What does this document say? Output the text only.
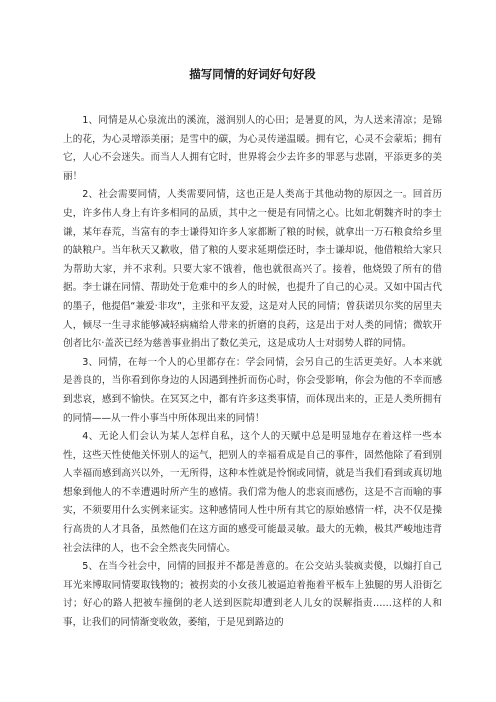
描写同情的好词好句好段

1、同情是从心泉流出的溪流，滋润别人的心田；是暑夏的风，为人送来清凉；是锦上的花，为心灵增添美丽；是雪中的碳，为心灵传递温暖。拥有它，心灵不会蒙垢；拥有它，人心不会迷失。而当人人拥有它时，世界将会少去许多的罪恶与悲剧，平添更多的美丽！

2、社会需要同情，人类需要同情，这也正是人类高于其他动物的原因之一。回首历史，许多伟人身上有许多相同的品质，其中之一便是有同情之心。比如北朝魏齐时的李士谦，某年春荒，当富有的李士谦得知许多人家都断了粮的时候，就拿出一万石粮食给乡里的缺粮户。当年秋天又歉收，借了粮的人要求延期偿还时，李士谦却说，他借粮给大家只为帮助大家，并不求利。只要大家不饿着，他也就很高兴了。接着，他烧毁了所有的借据。李士谦在同情、帮助处于危难中的乡人的时候，也提升了自己的心灵。又如中国古代的墨子，他提倡“兼爱·非攻”，主张和平友爱，这是对人民的同情；曾获诺贝尔奖的居里夫人，倾尽一生寻求能够减轻病痛给人带来的折磨的良药，这是出于对人类的同情；微软开创者比尔·盖茨已经为慈善事业捐出了数亿美元，这是成功人士对弱势人群的同情。

3、同情，在每一个人的心里都存在：学会同情，会另自己的生活更美好。人本来就是善良的，当你看到你身边的人因遇到挫折而伤心时，你会受影响，你会为他的不幸而感到悲哀，感到不愉快。在冥冥之中，都有许多这类事情，而体现出来的，正是人类所拥有的同情——从一件小事当中所体现出来的同情！

4、无论人们会认为某人怎样自私，这个人的天赋中总是明显地存在着这样一些本性，这些天性使他关怀别人的运气，把别人的幸福看成是自己的事件，固然他除了看到别人幸福而感到高兴以外，一无所得，这种本性就是怜悯或同情，就是当我们看到或真切地想象到他人的不幸遭遇时所产生的感情。我们常为他人的悲哀而感伤，这是不言而喻的事实，不须要用什么实例来证实。这种感情同人性中所有其它的原始感情一样，决不仅是操行高贵的人才具备，虽然他们在这方面的感受可能最灵敏。最大的无赖，极其严峻地违背社会法律的人，也不会全然丧失同情心。

5、在当今社会中，同情的回报并不都是善意的。在公交站头装疯卖傻，以煽打自己耳光来博取同情要取钱物的；被拐卖的小女孩儿被逼迫着拖着平板车上独腿的男人沿街乞讨；好心的路人把被车撞倒的老人送到医院却遭到老人儿女的误解指责……这样的人和事，让我们的同情渐变收敛，萎缩，于是见到路边的
